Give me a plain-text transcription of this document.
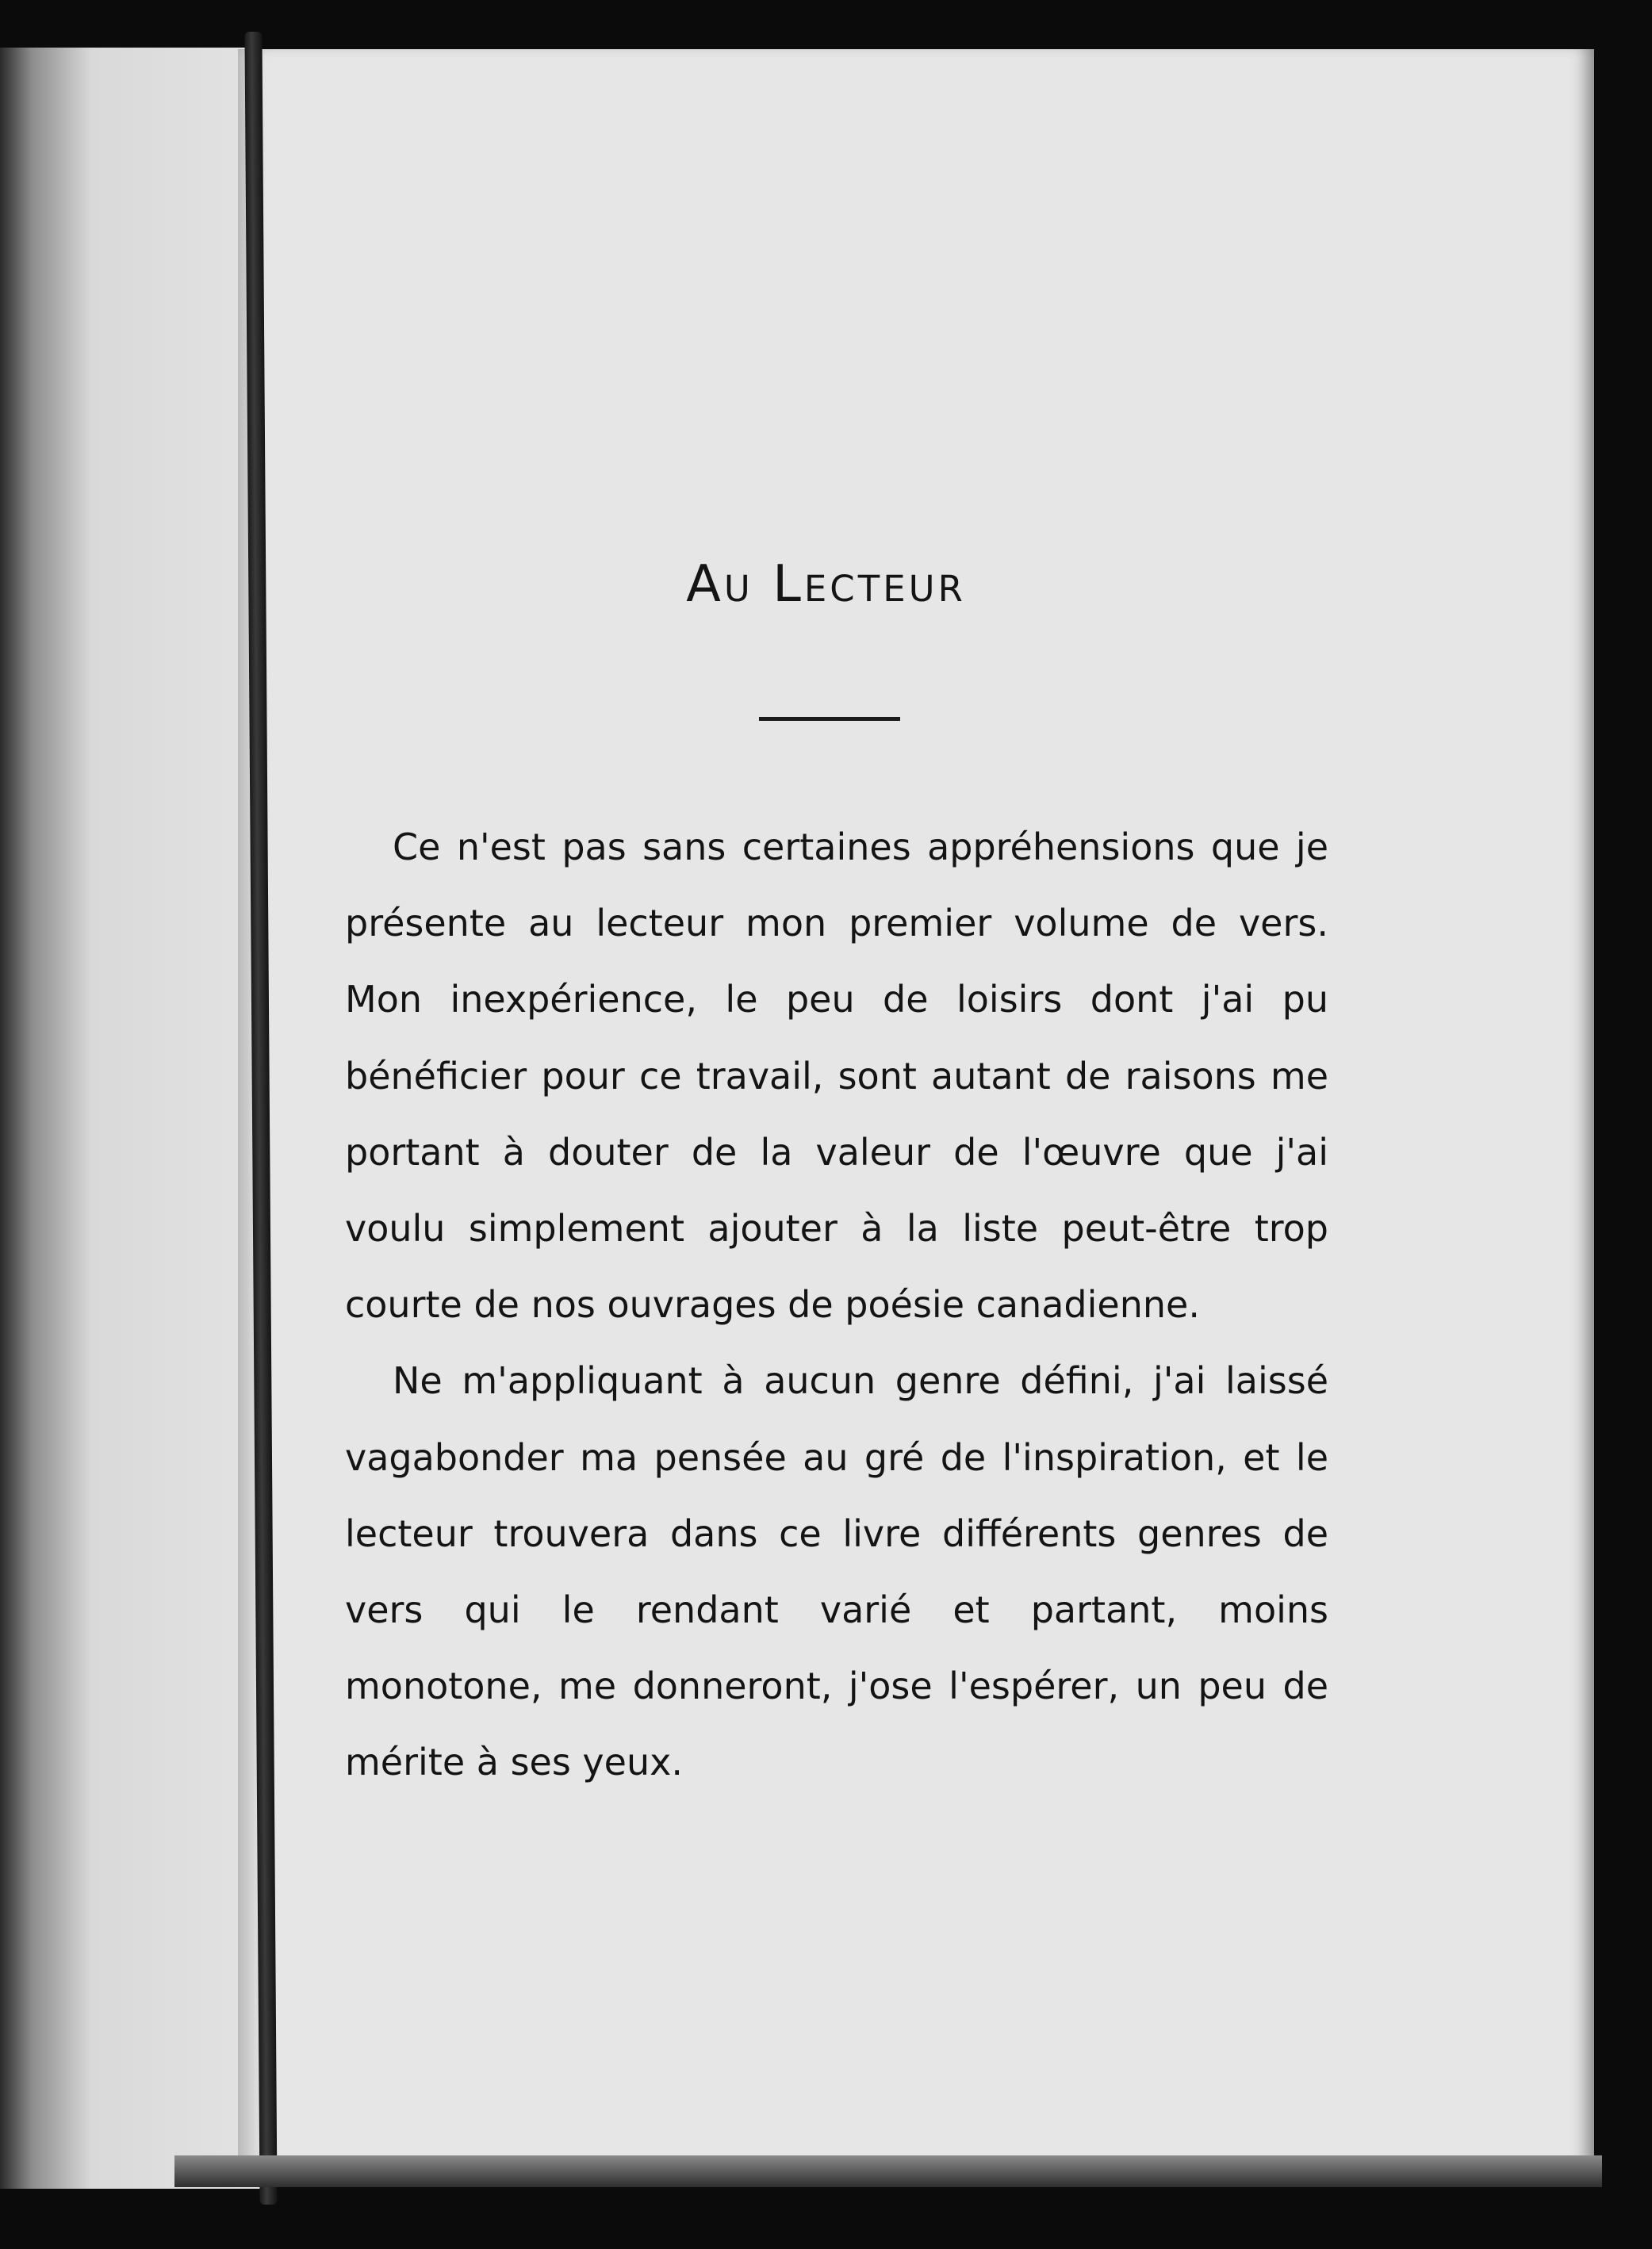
Au Lecteur

Ce n'est pas sans certaines appréhensions que je présente au lecteur mon premier volume de vers. Mon inexpérience, le peu de loisirs dont j'ai pu bénéficier pour ce travail, sont autant de raisons me portant à douter de la valeur de l'œuvre que j'ai voulu simplement ajouter à la liste peut-être trop courte de nos ouvrages de poésie canadienne.

Ne m'appliquant à aucun genre défini, j'ai laissé vagabonder ma pensée au gré de l'inspiration, et le lecteur trouvera dans ce livre différents genres de vers qui le rendant varié et partant, moins monotone, me donneront, j'ose l'espérer, un peu de mérite à ses yeux.
